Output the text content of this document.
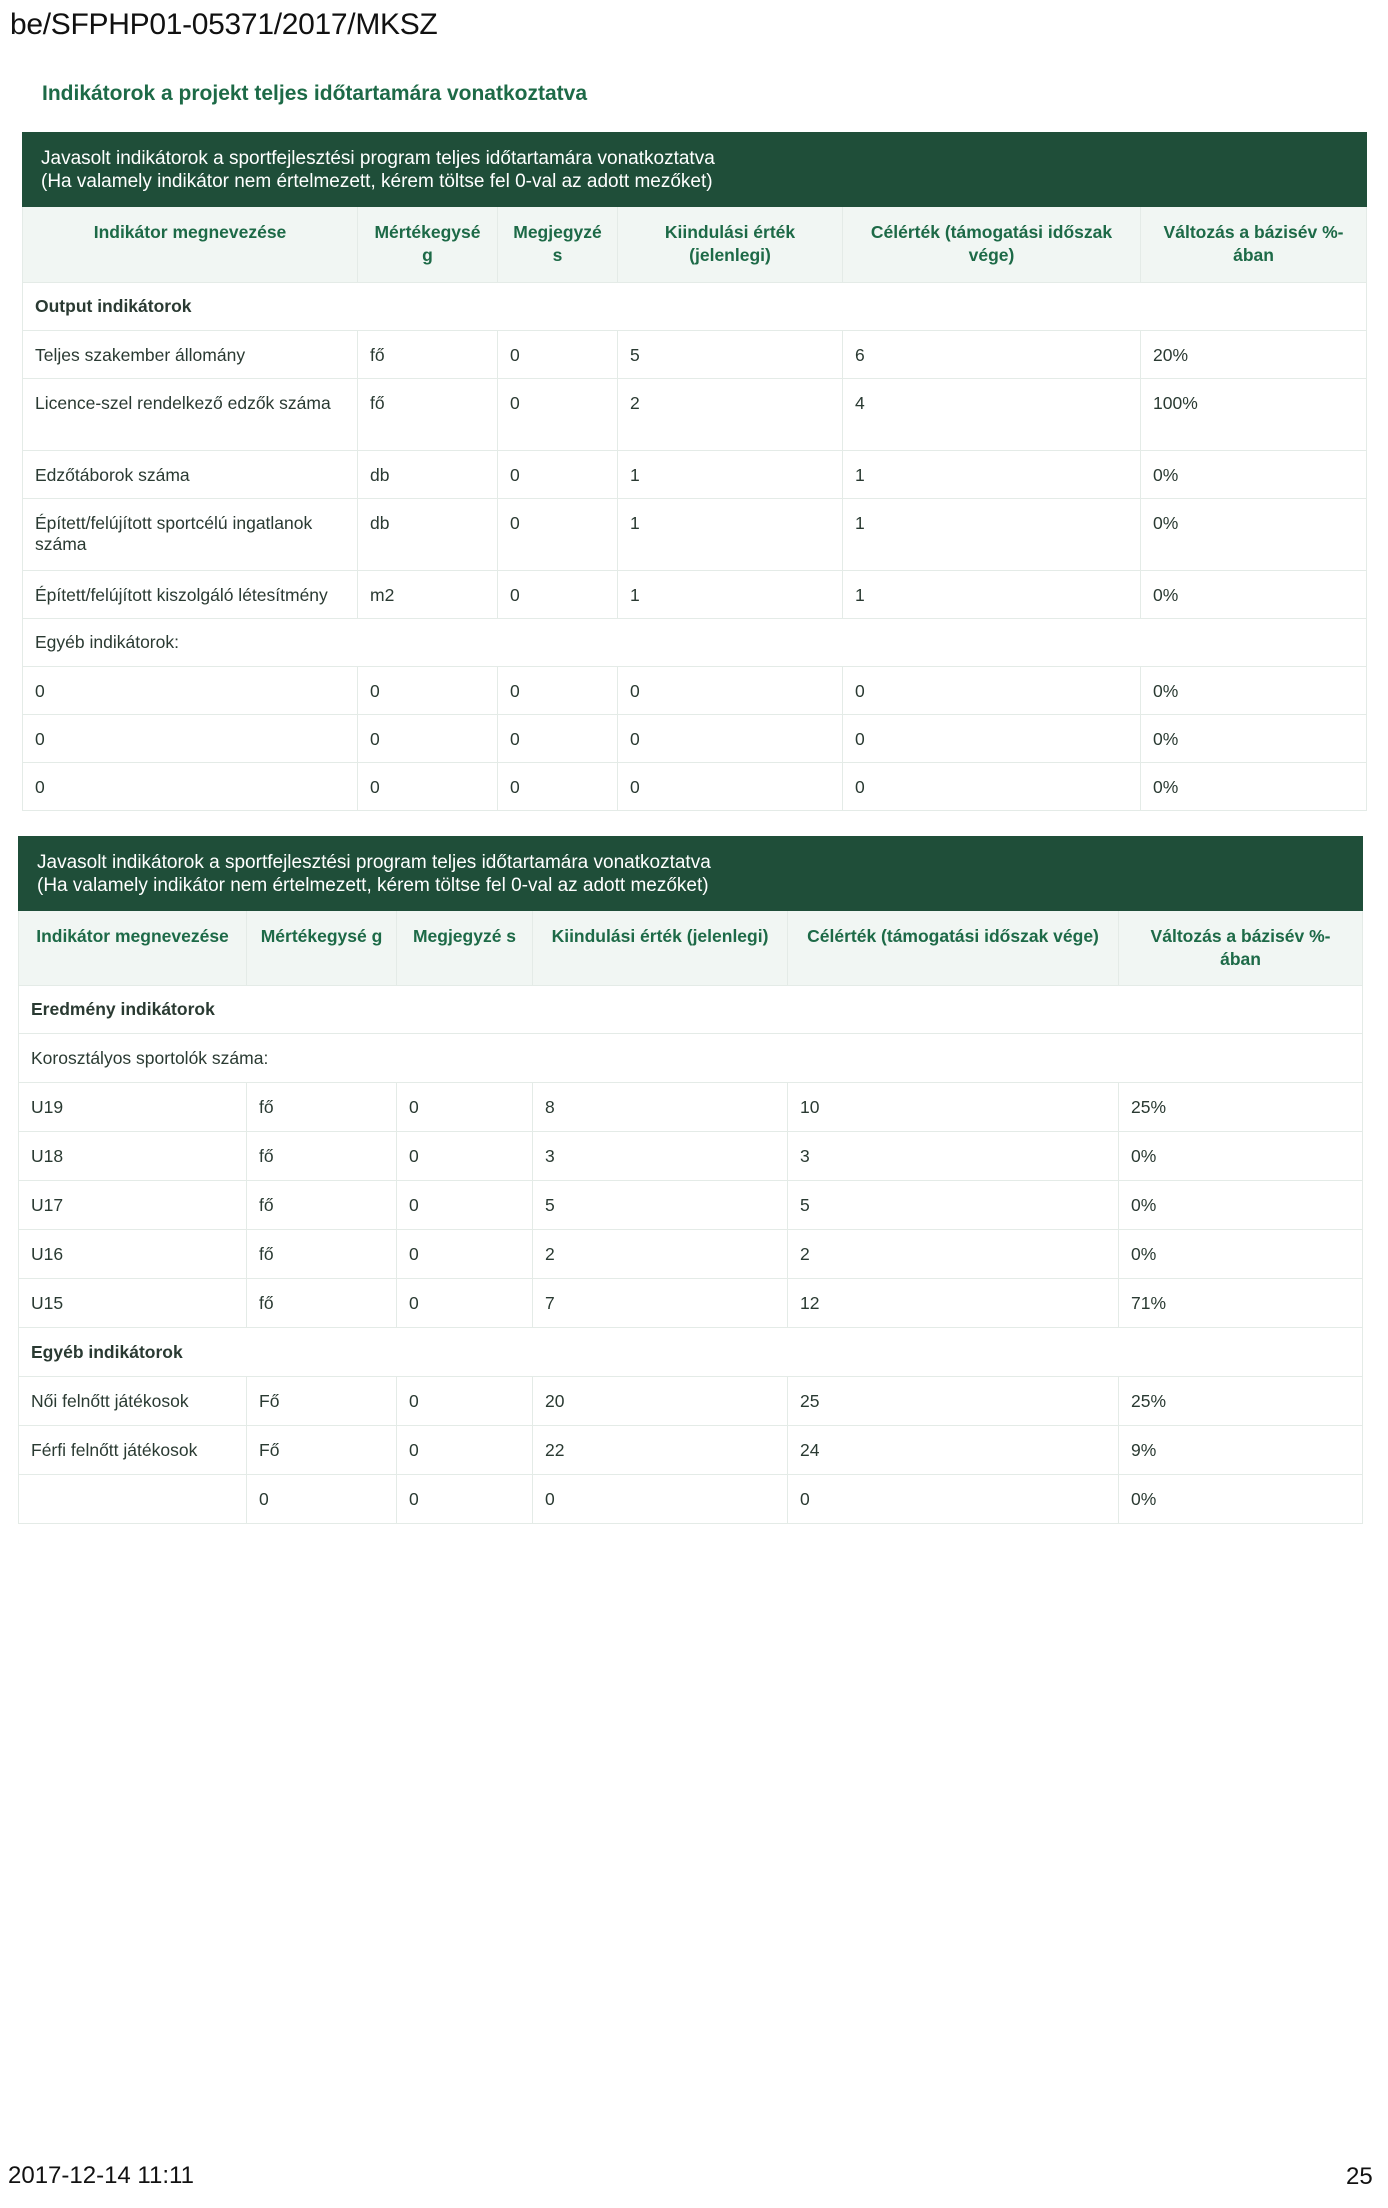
be/SFPHP01-05371/2017/MKSZ
Indikátorok a projekt teljes időtartamára vonatkoztatva
Javasolt indikátorok a sportfejlesztési program teljes időtartamára vonatkoztatva
(Ha valamely indikátor nem értelmezett, kérem töltse fel 0-val az adott mezőket)					

Indikátor megnevezése	Mértékegysé g	Megjegyzé s	Kiindulási érték (jelenlegi)	Célérték (támogatási időszak vége)	Változás a bázisév %-ában
Output indikátorok					
Teljes szakember állomány	fő	0	5	6	20%
Licence-szel rendelkező edzők száma	fő	0	2	4	100%
Edzőtáborok száma	db	0	1	1	0%
Épített/felújított sportcélú ingatlanok száma	db	0	1	1	0%
Épített/felújított kiszolgáló létesítmény	m2	0	1	1	0%
Egyéb indikátorok:					
0	0	0	0	0	0%
0	0	0	0	0	0%
0	0	0	0	0	0%
Javasolt indikátorok a sportfejlesztési program teljes időtartamára vonatkoztatva
(Ha valamely indikátor nem értelmezett, kérem töltse fel 0-val az adott mezőket)					

Indikátor megnevezése	Mértékegysé g	Megjegyzé s	Kiindulási érték (jelenlegi)	Célérték (támogatási időszak vége)	Változás a bázisév %-ában
Eredmény indikátorok					
Korosztályos sportolók száma:					
U19	fő	0	8	10	25%
U18	fő	0	3	3	0%
U17	fő	0	5	5	0%
U16	fő	0	2	2	0%
U15	fő	0	7	12	71%
Egyéb indikátorok					
Női felnőtt játékosok	Fő	0	20	25	25%
Férfi felnőtt játékosok	Fő	0	22	24	9%
	0	0	0	0	0%
2017-12-14 11:11	25
